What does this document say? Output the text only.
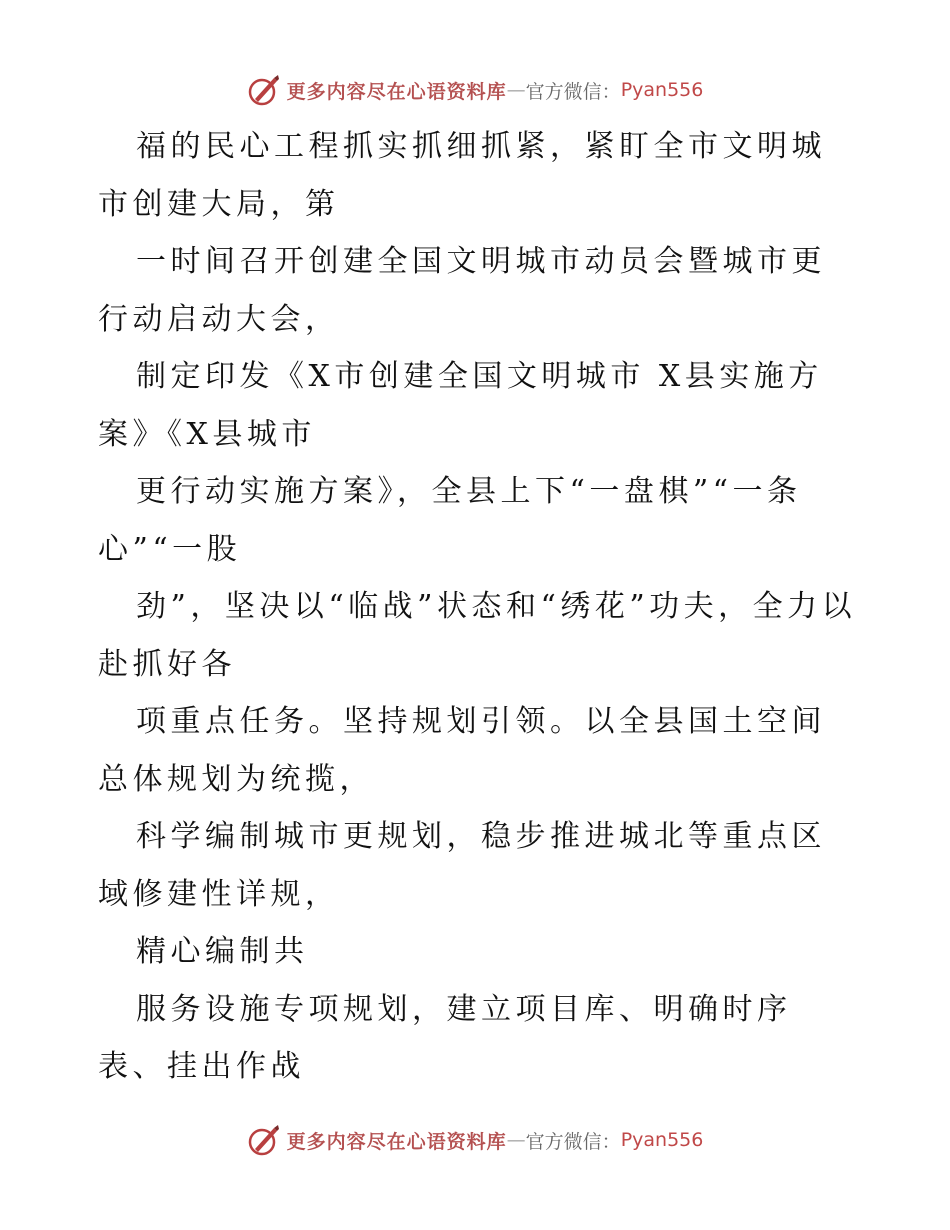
更多内容尽在心语资料库 — 官方微信： Pyan556

福的民心工程抓实抓细抓紧，紧盯全市文明城市创建大局，第

一时间召开创建全国文明城市动员会暨城市更行动启动大会，

制定印发《X市创建全国文明城市 X县实施方案》《X县城市

更行动实施方案》，全县上下“一盘棋”“一条心”“一股

劲”，坚决以“临战”状态和“绣花”功夫，全力以赴抓好各

项重点任务。坚持规划引领。以全县国土空间总体规划为统揽，

科学编制城市更规划，稳步推进城北等重点区域修建性详规，

精心编制共

服务设施专项规划，建立项目库、明确时序表、挂出作战

更多内容尽在心语资料库 — 官方微信： Pyan556
